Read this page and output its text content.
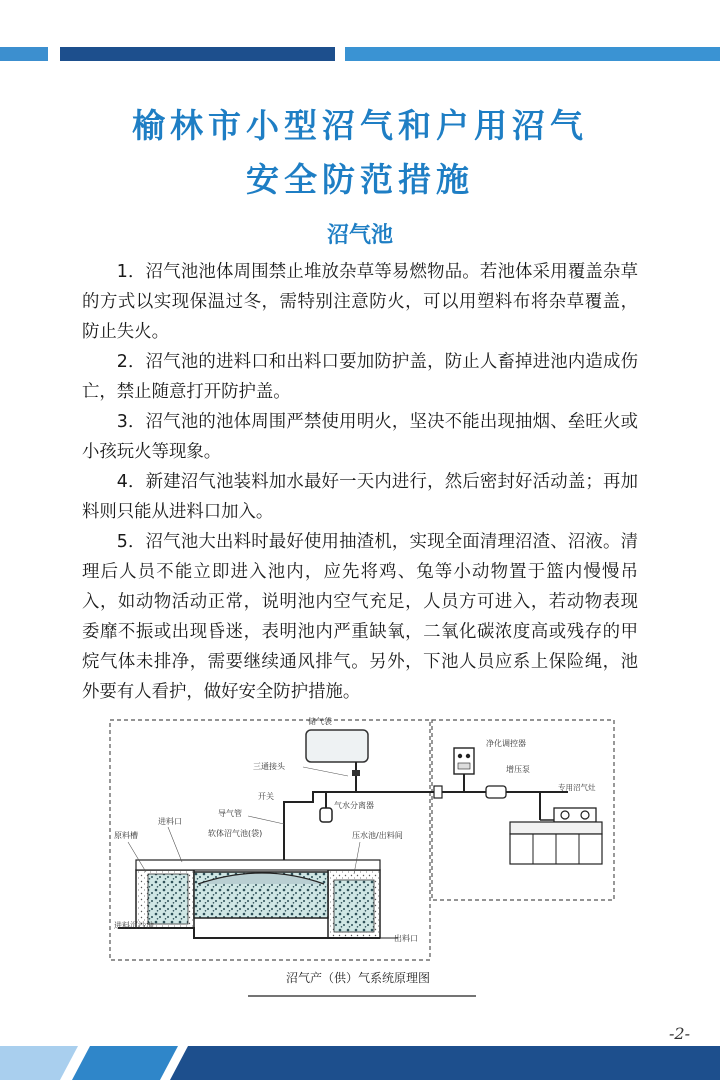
榆林市小型沼气和户用沼气
安全防范措施
沼气池

1．沼气池池体周围禁止堆放杂草等易燃物品。若池体采用覆盖杂草的方式以实现保温过冬，需特别注意防火，可以用塑料布将杂草覆盖，防止失火。

2．沼气池的进料口和出料口要加防护盖，防止人畜掉进池内造成伤亡，禁止随意打开防护盖。

3．沼气池的池体周围严禁使用明火，坚决不能出现抽烟、垒旺火或小孩玩火等现象。

4．新建沼气池装料加水最好一天内进行，然后密封好活动盖；再加料则只能从进料口加入。

5．沼气池大出料时最好使用抽渣机，实现全面清理沼渣、沼液。清理后人员不能立即进入池内，应先将鸡、兔等小动物置于篮内慢慢吊入，如动物活动正常，说明池内空气充足，人员方可进入，若动物表现委靡不振或出现昏迷，表明池内严重缺氧，二氧化碳浓度高或残存的甲烷气体未排净，需要继续通风排气。另外，下池人员应系上保险绳，池外要有人看护，做好安全防护措施。

储气袋
三通接头
气水分离器
开关
导气管
净化调控器
增压泵
专用沼气灶
进料口
原料槽	软体沼气池(袋)	压水池/出料间
进料沉沙池
出料口
沼气产（供）气系统原理图
-2-
